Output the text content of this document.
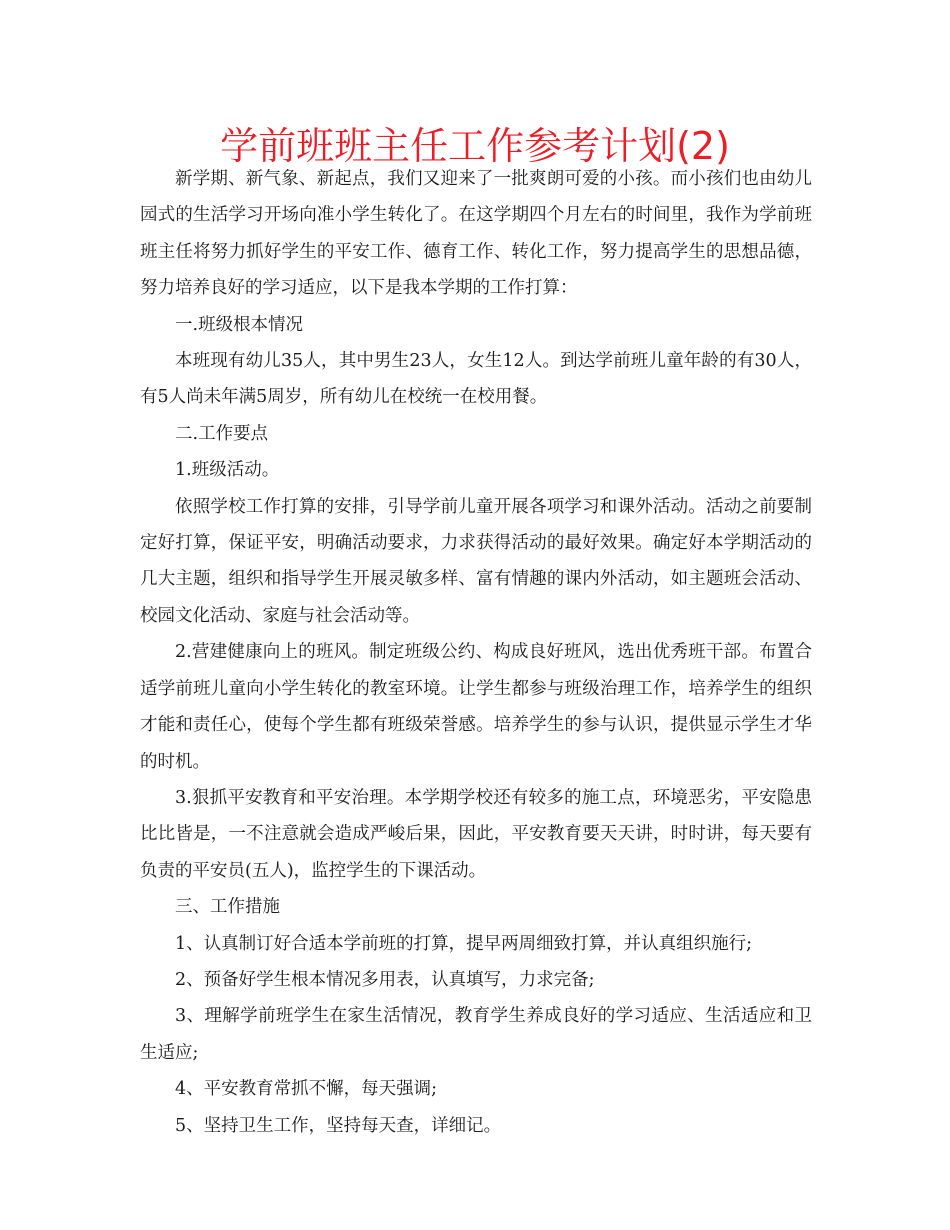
学前班班主任工作参考计划(2)

新学期、新气象、新起点，我们又迎来了一批爽朗可爱的小孩。而小孩们也由幼儿园式的生活学习开场向准小学生转化了。在这学期四个月左右的时间里，我作为学前班班主任将努力抓好学生的平安工作、德育工作、转化工作，努力提高学生的思想品德，努力培养良好的学习适应，以下是我本学期的工作打算：

一.班级根本情况

本班现有幼儿35人，其中男生23人，女生12人。到达学前班儿童年龄的有30人，有5人尚未年满5周岁，所有幼儿在校统一在校用餐。

二.工作要点

1.班级活动。

依照学校工作打算的安排，引导学前儿童开展各项学习和课外活动。活动之前要制定好打算，保证平安，明确活动要求，力求获得活动的最好效果。确定好本学期活动的几大主题，组织和指导学生开展灵敏多样、富有情趣的课内外活动，如主题班会活动、校园文化活动、家庭与社会活动等。

2.营建健康向上的班风。制定班级公约、构成良好班风，选出优秀班干部。布置合适学前班儿童向小学生转化的教室环境。让学生都参与班级治理工作，培养学生的组织才能和责任心，使每个学生都有班级荣誉感。培养学生的参与认识，提供显示学生才华的时机。

3.狠抓平安教育和平安治理。本学期学校还有较多的施工点，环境恶劣，平安隐患比比皆是，一不注意就会造成严峻后果，因此，平安教育要天天讲，时时讲，每天要有负责的平安员(五人)，监控学生的下课活动。

三、工作措施

1、认真制订好合适本学前班的打算，提早两周细致打算，并认真组织施行;

2、预备好学生根本情况多用表，认真填写，力求完备;

3、理解学前班学生在家生活情况，教育学生养成良好的学习适应、生活适应和卫生适应;

4、平安教育常抓不懈，每天强调;

5、坚持卫生工作，坚持每天查，详细记。
